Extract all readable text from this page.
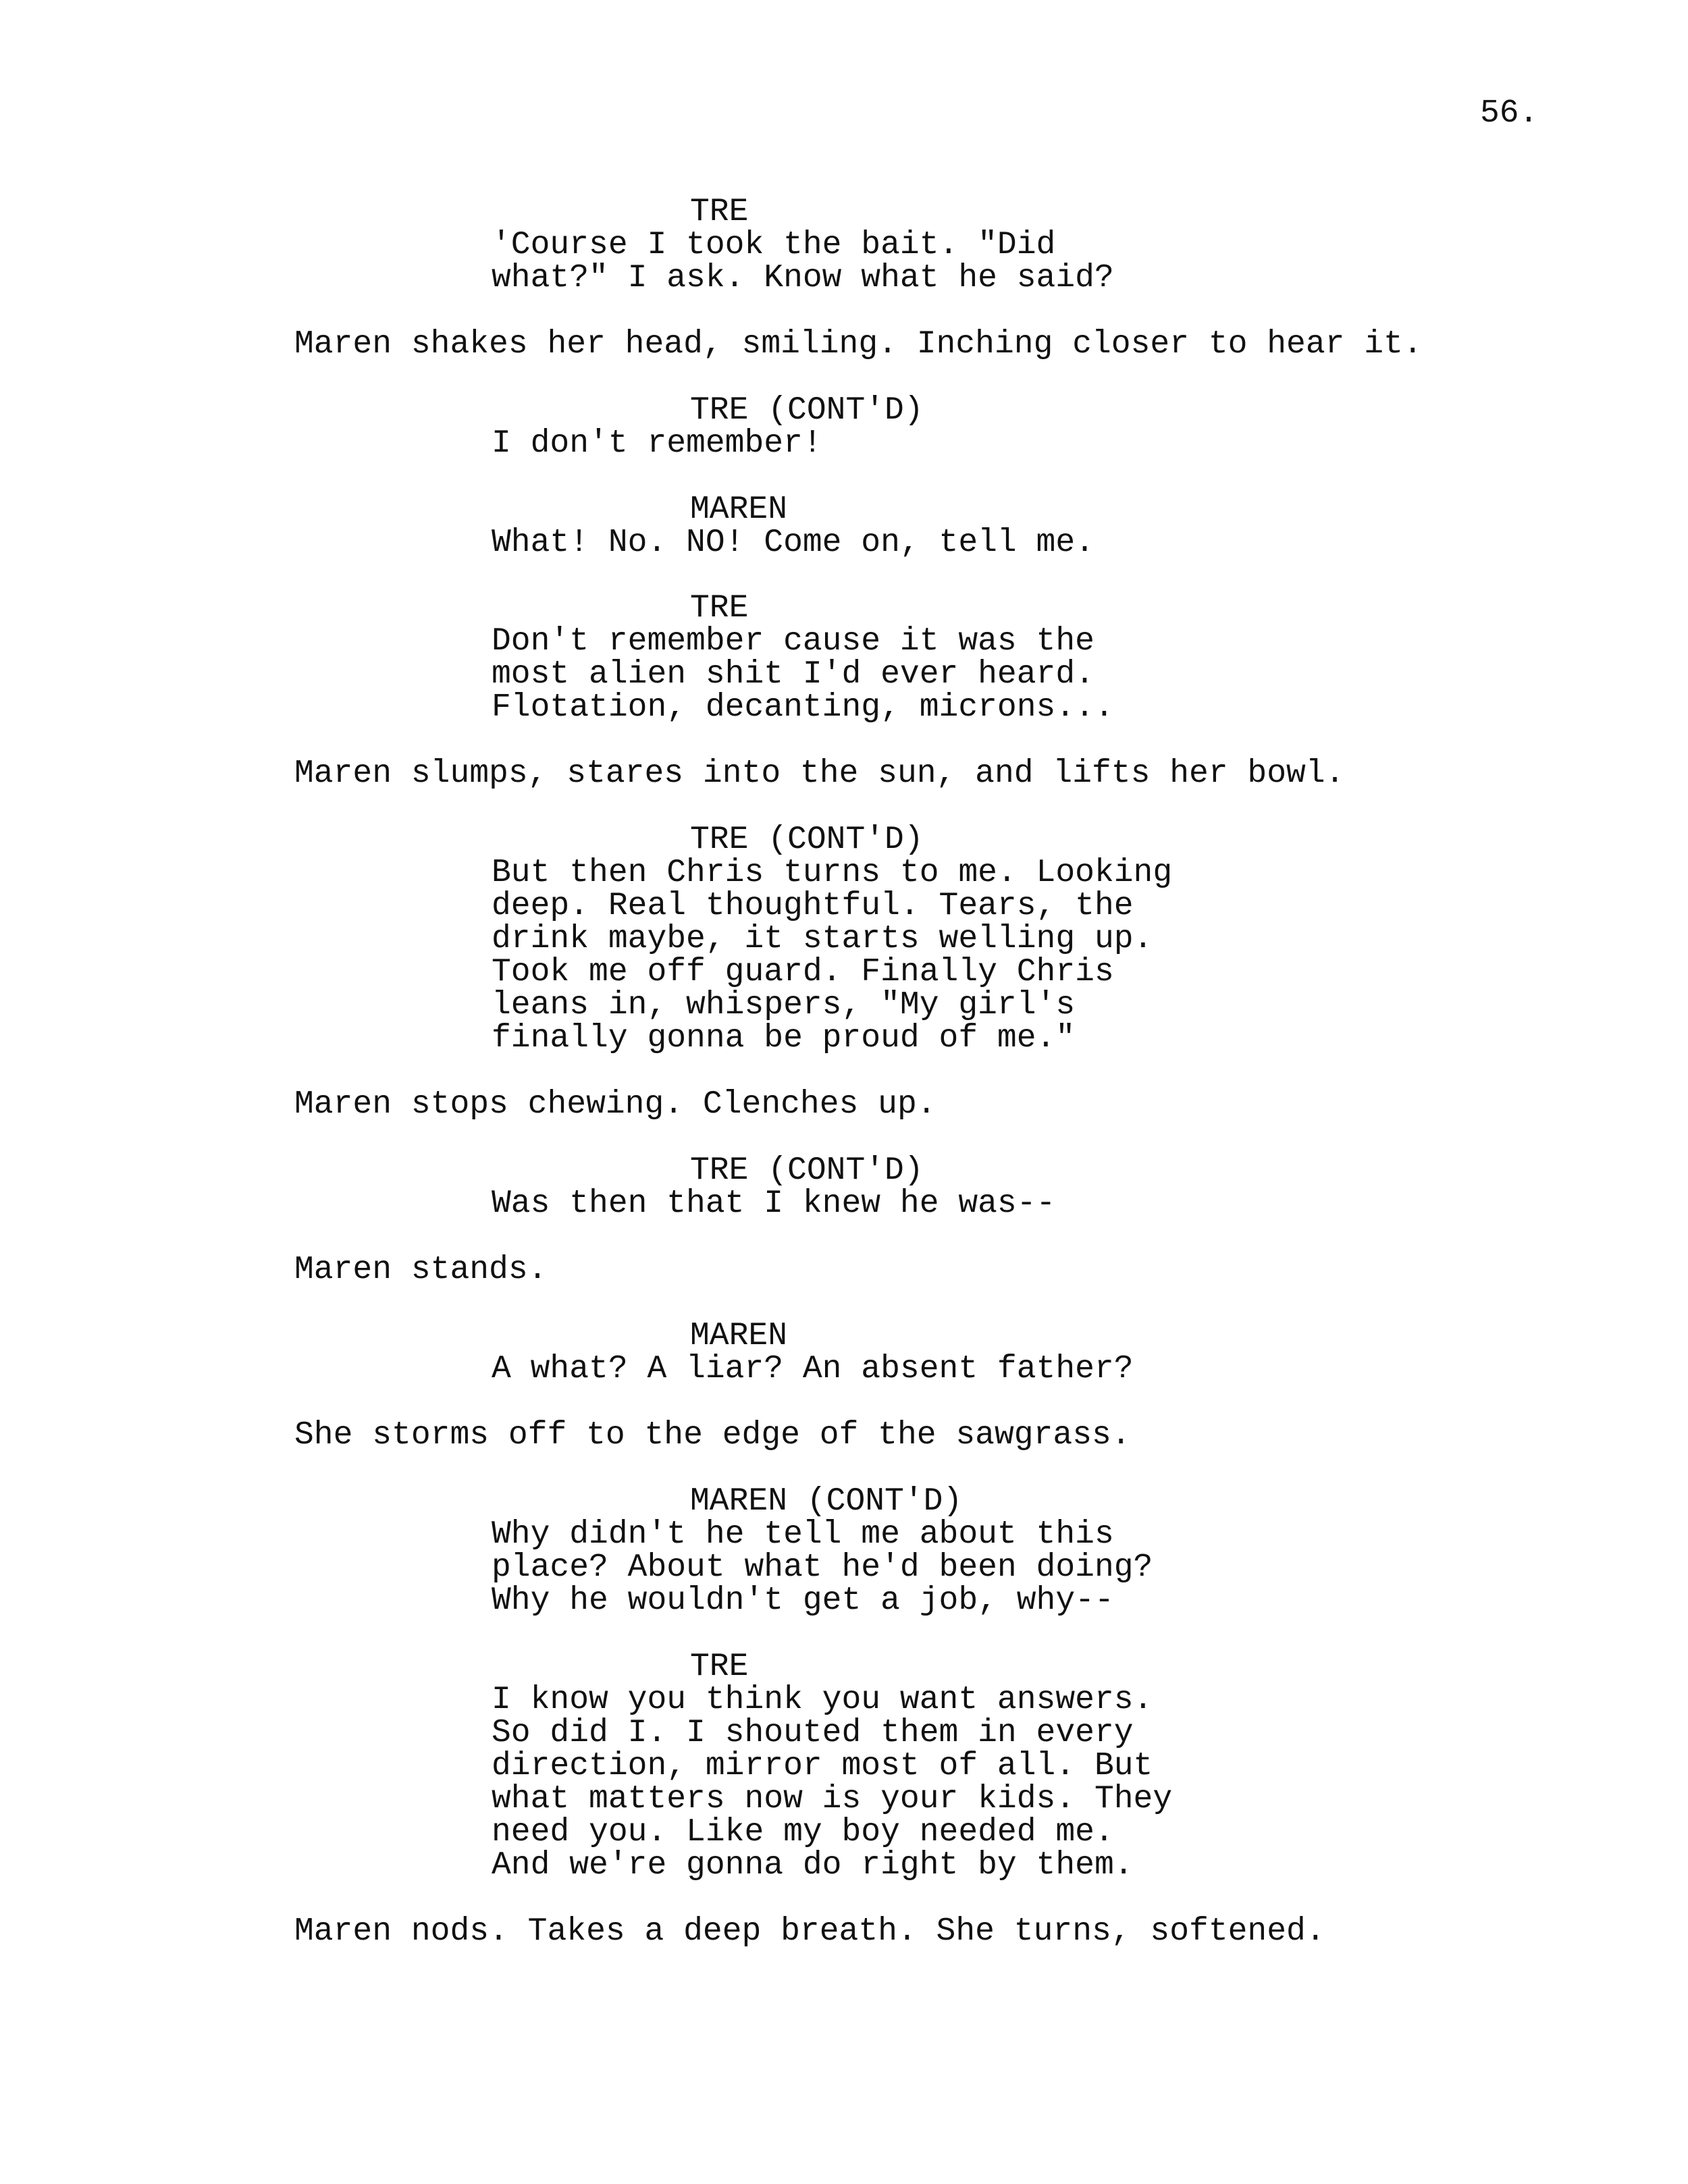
56.

TRE

'Course I took the bait. "Did
what?" I ask. Know what he said?

Maren shakes her head, smiling. Inching closer to hear it.

TRE (CONT'D)

I don't remember!

MAREN

What! No. NO! Come on, tell me.

TRE

Don't remember cause it was the
most alien shit I'd ever heard.
Flotation, decanting, microns...

Maren slumps, stares into the sun, and lifts her bowl.

TRE (CONT'D)

But then Chris turns to me. Looking
deep. Real thoughtful. Tears, the
drink maybe, it starts welling up.
Took me off guard. Finally Chris
leans in, whispers, "My girl's
finally gonna be proud of me."

Maren stops chewing. Clenches up.

TRE (CONT'D)

Was then that I knew he was--

Maren stands.

MAREN

A what? A liar? An absent father?

She storms off to the edge of the sawgrass.

MAREN (CONT'D)

Why didn't he tell me about this
place? About what he'd been doing?
Why he wouldn't get a job, why--

TRE

I know you think you want answers.
So did I. I shouted them in every
direction, mirror most of all. But
what matters now is your kids. They
need you. Like my boy needed me.
And we're gonna do right by them.

Maren nods. Takes a deep breath. She turns, softened.
